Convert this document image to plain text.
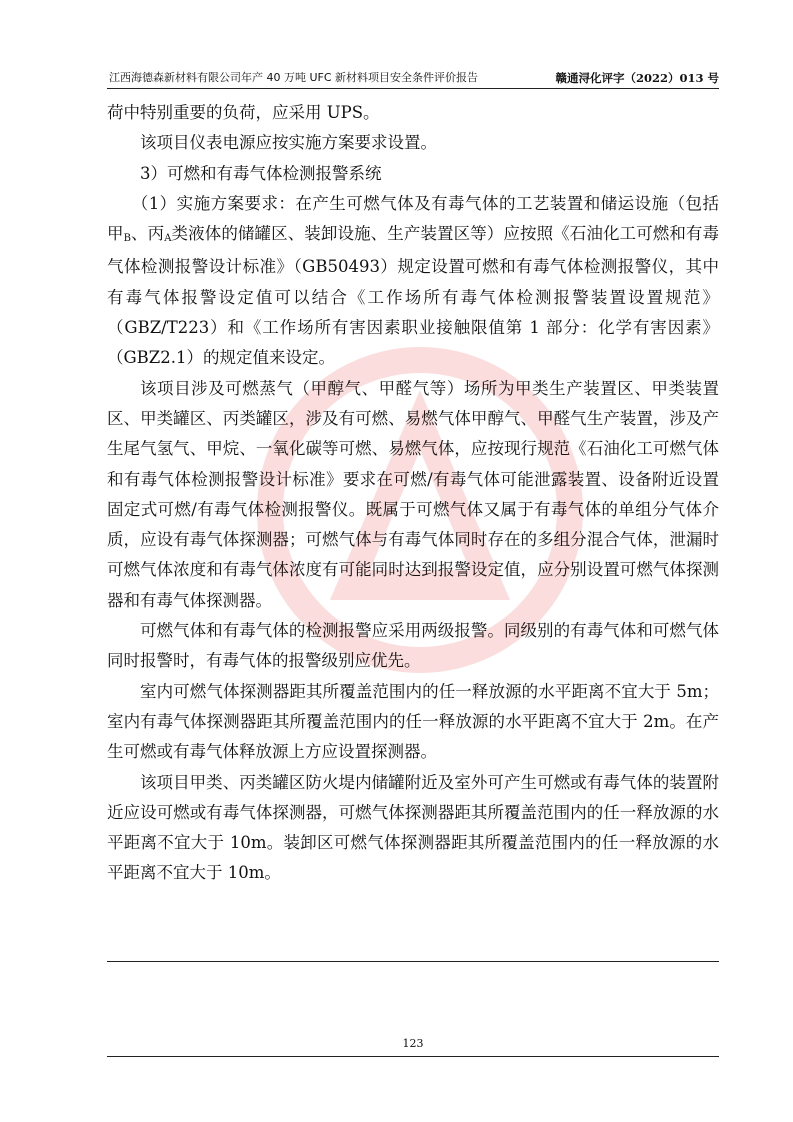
江西海德森新材料有限公司年产 40 万吨 UFC 新材料项目安全条件评价报告	赣通浔化评字（2022）013 号

荷中特别重要的负荷，应采用 UPS。

该项目仪表电源应按实施方案要求设置。

3）可燃和有毒气体检测报警系统

（1）实施方案要求：在产生可燃气体及有毒气体的工艺装置和储运设施（包括甲B、丙A类液体的储罐区、装卸设施、生产装置区等）应按照《石油化工可燃和有毒气体检测报警设计标准》（GB50493）规定设置可燃和有毒气体检测报警仪，其中有毒气体报警设定值可以结合《工作场所有毒气体检测报警装置设置规范》（GBZ/T223）和《工作场所有害因素职业接触限值第 1 部分：化学有害因素》（GBZ2.1）的规定值来设定。

该项目涉及可燃蒸气（甲醇气、甲醛气等）场所为甲类生产装置区、甲类装置区、甲类罐区、丙类罐区，涉及有可燃、易燃气体甲醇气、甲醛气生产装置，涉及产生尾气氢气、甲烷、一氧化碳等可燃、易燃气体，应按现行规范《石油化工可燃气体和有毒气体检测报警设计标准》要求在可燃/有毒气体可能泄露装置、设备附近设置固定式可燃/有毒气体检测报警仪。既属于可燃气体又属于有毒气体的单组分气体介质，应设有毒气体探测器；可燃气体与有毒气体同时存在的多组分混合气体，泄漏时可燃气体浓度和有毒气体浓度有可能同时达到报警设定值，应分别设置可燃气体探测器和有毒气体探测器。

可燃气体和有毒气体的检测报警应采用两级报警。同级别的有毒气体和可燃气体同时报警时，有毒气体的报警级别应优先。

室内可燃气体探测器距其所覆盖范围内的任一释放源的水平距离不宜大于 5m；室内有毒气体探测器距其所覆盖范围内的任一释放源的水平距离不宜大于 2m。在产生可燃或有毒气体释放源上方应设置探测器。

该项目甲类、丙类罐区防火堤内储罐附近及室外可产生可燃或有毒气体的装置附近应设可燃或有毒气体探测器，可燃气体探测器距其所覆盖范围内的任一释放源的水平距离不宜大于 10m。装卸区可燃气体探测器距其所覆盖范围内的任一释放源的水平距离不宜大于 10m。

123
